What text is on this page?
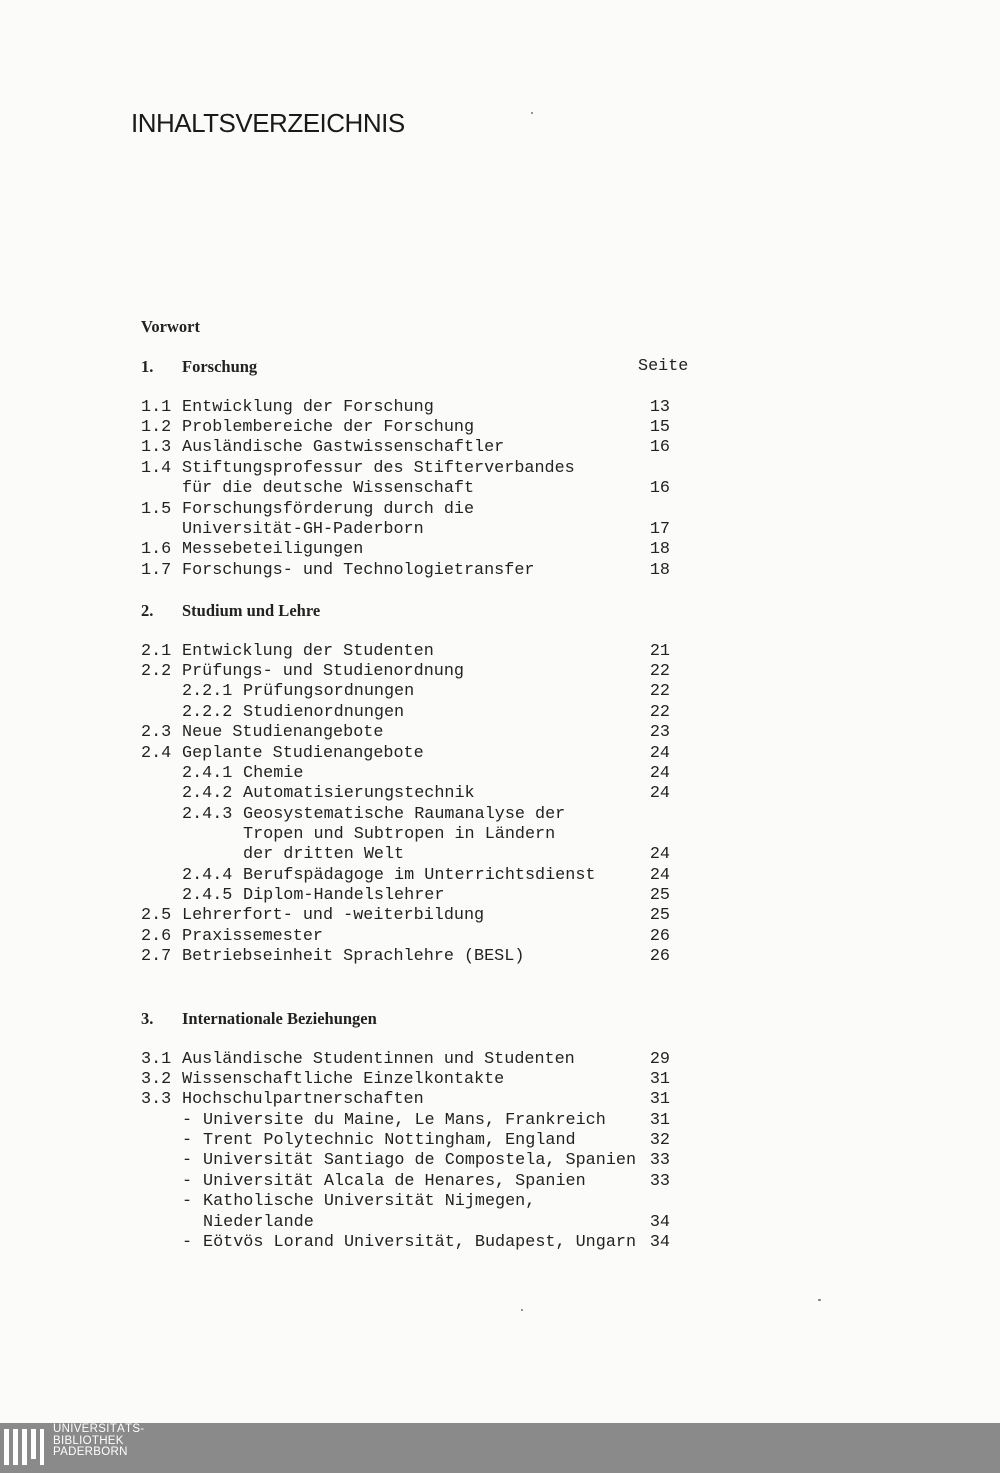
INHALTSVERZEICHNIS

Vorwort

1. Forschung	Seite
1.1 Entwicklung der Forschung	13
1.2 Problembereiche der Forschung	15
1.3 Ausländische Gastwissenschaftler	16
1.4 Stiftungsprofessur des Stifterverbandes
für die deutsche Wissenschaft	16
1.5 Forschungsförderung durch die
Universität-GH-Paderborn	17
1.6 Messebeteiligungen	18
1.7 Forschungs- und Technologietransfer	18
2. Studium und Lehre
2.1 Entwicklung der Studenten	21
2.2 Prüfungs- und Studienordnung	22
2.2.1 Prüfungsordnungen	22
2.2.2 Studienordnungen	22
2.3 Neue Studienangebote	23
2.4 Geplante Studienangebote	24
2.4.1 Chemie	24
2.4.2 Automatisierungstechnik	24
2.4.3 Geosystematische Raumanalyse der
Tropen und Subtropen in Ländern
der dritten Welt	24
2.4.4 Berufspädagoge im Unterrichtsdienst	24
2.4.5 Diplom-Handelslehrer	25
2.5 Lehrerfort- und -weiterbildung	25
2.6 Praxissemester	26
2.7 Betriebseinheit Sprachlehre (BESL)	26
3. Internationale Beziehungen
3.1 Ausländische Studentinnen und Studenten	29
3.2 Wissenschaftliche Einzelkontakte	31
3.3 Hochschulpartnerschaften	31
- Universite du Maine, Le Mans, Frankreich	31
- Trent Polytechnic Nottingham, England	32
- Universität Santiago de Compostela, Spanien 33
- Universität Alcala de Henares, Spanien	33
- Katholische Universität Nijmegen,
Niederlande	34
- Eötvös Lorand Universität, Budapest, Ungarn 34
UNIVERSITÄTS-
BIBLIOTHEK
PADERBORN
